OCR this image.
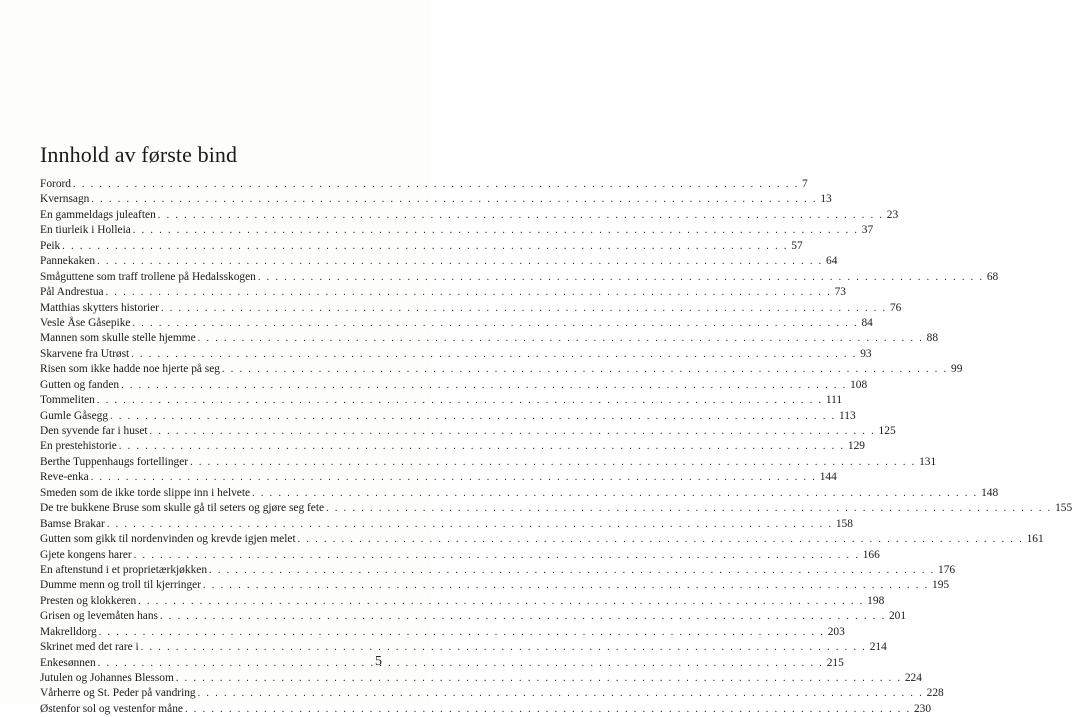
Innhold av første bind
Forord . . .	7
Kvernsagn . . .	13
En gammeldags juleaften . . .	23
En tiurleik i Holleia . . .	37
Peik . . .	57
Pannekaken . . .	64
Småguttene som traff trollene på Hedalsskogen . . .	68
Pål Andrestua . . .	73
Matthias skytters historier . . .	76
Vesle Åse Gåsepike . . .	84
Mannen som skulle stelle hjemme . . .	88
Skarvene fra Utrøst . . .	93
Risen som ikke hadde noe hjerte på seg . . .	99
Gutten og fanden . . .	108
Tommeliten . . .	111
Gumle Gåsegg . . .	113
Den syvende far i huset . . .	125
En prestehistorie . . .	129
Berthe Tuppenhaugs fortellinger . . .	131
Reve-enka . . .	144
Smeden som de ikke torde slippe inn i helvete . . .	148
De tre bukkene Bruse som skulle gå til seters og gjøre seg fete . . .	155
Bamse Brakar . . .	158
Gutten som gikk til nordenvinden og krevde igjen melet . . .	161
Gjete kongens harer . . .	166
En aftenstund i et proprietærkjøkken . . .	176
Dumme menn og troll til kjerringer . . .	195
Presten og klokkeren . . .	198
Grisen og levemåten hans . . .	201
Makrelldorg . . .	203
Skrinet med det rare i . . .	214
Enkesønnen . . .	215
Jutulen og Johannes Blessom . . .	224
Vårherre og St. Peder på vandring . . .	228
Østenfor sol og vestenfor måne . . .	230
5
